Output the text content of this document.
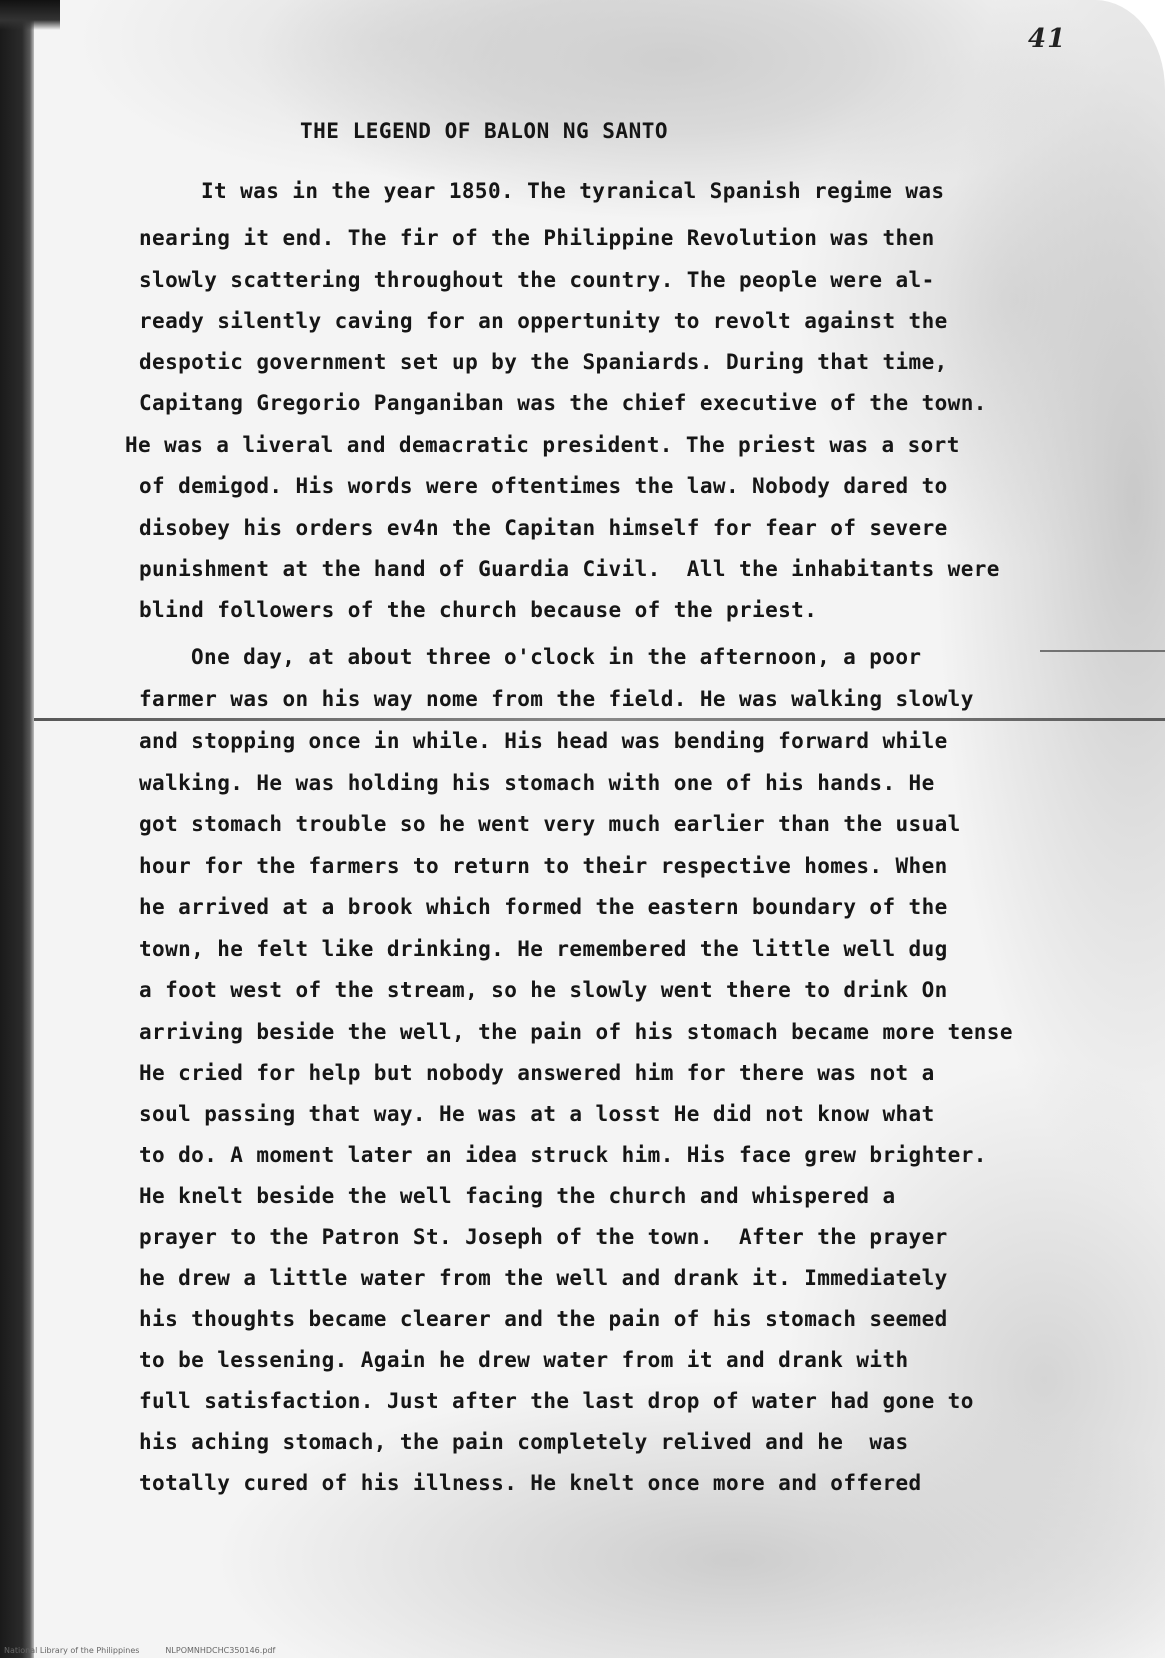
41
THE LEGEND OF BALON NG SANTO
It was in the year 1850. The tyranical Spanish regime was
nearing it end. The fir of the Philippine Revolution was then
slowly scattering throughout the country. The people were al-
ready silently caving for an oppertunity to revolt against the
despotic government set up by the Spaniards. During that time,
Capitang Gregorio Panganiban was the chief executive of the town.
He was a liveral and demacratic president. The priest was a sort
of demigod. His words were oftentimes the law. Nobody dared to
disobey his orders ev4n the Capitan himself for fear of severe
punishment at the hand of Guardia Civil.  All the inhabitants were
blind followers of the church because of the priest.
One day, at about three o'clock in the afternoon, a poor
farmer was on his way nome from the field. He was walking slowly
and stopping once in while. His head was bending forward while
walking. He was holding his stomach with one of his hands. He
got stomach trouble so he went very much earlier than the usual
hour for the farmers to return to their respective homes. When
he arrived at a brook which formed the eastern boundary of the
town, he felt like drinking. He remembered the little well dug
a foot west of the stream, so he slowly went there to drink On
arriving beside the well, the pain of his stomach became more tense
He cried for help but nobody answered him for there was not a
soul passing that way. He was at a losst He did not know what
to do. A moment later an idea struck him. His face grew brighter.
He knelt beside the well facing the church and whispered a
prayer to the Patron St. Joseph of the town.  After the prayer
he drew a little water from the well and drank it. Immediately
his thoughts became clearer and the pain of his stomach seemed
to be lessening. Again he drew water from it and drank with
full satisfaction. Just after the last drop of water had gone to
his aching stomach, the pain completely relived and he  was
totally cured of his illness. He knelt once more and offered
National Library of the Philippines	NLPOMNHDCHC350146.pdf
